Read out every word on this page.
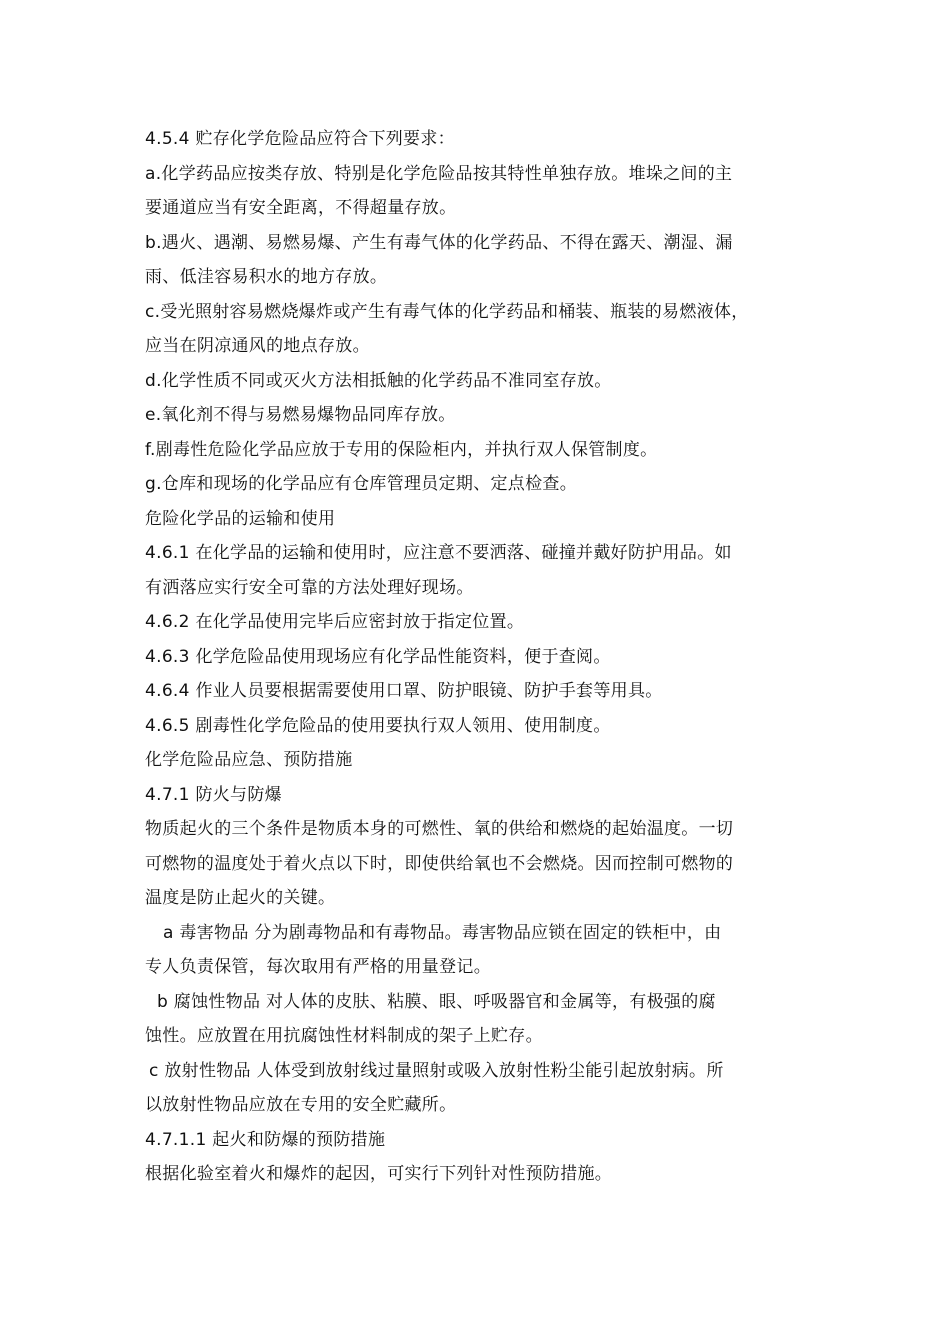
4.5.4 贮存化学危险品应符合下列要求：
a.化学药品应按类存放、特别是化学危险品按其特性单独存放。堆垛之间的主
要通道应当有安全距离，不得超量存放。
b.遇火、遇潮、易燃易爆、产生有毒气体的化学药品、不得在露天、潮湿、漏
雨、低洼容易积水的地方存放。
c.受光照射容易燃烧爆炸或产生有毒气体的化学药品和桶装、瓶装的易燃液体，
应当在阴凉通风的地点存放。
d.化学性质不同或灭火方法相抵触的化学药品不准同室存放。
e.氧化剂不得与易燃易爆物品同库存放。
f.剧毒性危险化学品应放于专用的保险柜内，并执行双人保管制度。
g.仓库和现场的化学品应有仓库管理员定期、定点检查。
危险化学品的运输和使用
4.6.1 在化学品的运输和使用时，应注意不要洒落、碰撞并戴好防护用品。如
有洒落应实行安全可靠的方法处理好现场。
4.6.2 在化学品使用完毕后应密封放于指定位置。
4.6.3 化学危险品使用现场应有化学品性能资料，便于查阅。
4.6.4 作业人员要根据需要使用口罩、防护眼镜、防护手套等用具。
4.6.5 剧毒性化学危险品的使用要执行双人领用、使用制度。
化学危险品应急、预防措施
4.7.1 防火与防爆
物质起火的三个条件是物质本身的可燃性、氧的供给和燃烧的起始温度。一切
可燃物的温度处于着火点以下时，即使供给氧也不会燃烧。因而控制可燃物的
温度是防止起火的关键。
a 毒害物品 分为剧毒物品和有毒物品。毒害物品应锁在固定的铁柜中，由
专人负责保管，每次取用有严格的用量登记。
b 腐蚀性物品 对人体的皮肤、粘膜、眼、呼吸器官和金属等，有极强的腐
蚀性。应放置在用抗腐蚀性材料制成的架子上贮存。
c 放射性物品 人体受到放射线过量照射或吸入放射性粉尘能引起放射病。所
以放射性物品应放在专用的安全贮藏所。
4.7.1.1 起火和防爆的预防措施
根据化验室着火和爆炸的起因，可实行下列针对性预防措施。
